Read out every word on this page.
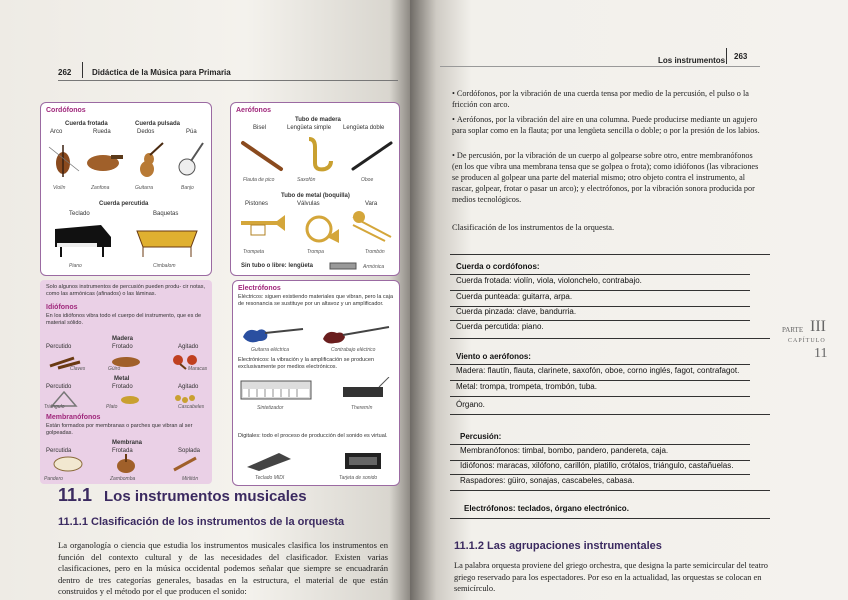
262	Didáctica de la Música para Primaria
Cordófonos
Cuerda frotada	Cuerda pulsada
Arco	Rueda	Dedos	Púa
Violín	Zanfona	Guitarra	Banjo
Cuerda percutida
Teclado	Baquetas
Piano	Cimbalom
Aerófonos
Tubo de madera
Bisel	Lengüeta simple Lengüeta doble
Flauta de pico	Saxofón	Oboe
Tubo de metal (boquilla)
Pistones	Válvulas	Vara
Trompeta	Trompa	Trombón
Sin tubo o libre: lengüeta	Armónica
Solo algunos instrumentos de percusión pueden produ- cir notas, como las armónicas (afinados) o las láminas.
Idiófonos
En los idiófonos vibra todo el cuerpo del instrumento, que es de material sólido.
Madera
Percutido	Frotado	Agitado
Claves	Güiro	Maracas
Metal
Percutido	Frotado	Agitado
Triángulo	Plato	Cascabeles
Membranófonos
Están formados por membranas o parches que vibran al ser golpeadas.
Membrana
Percutida	Frotada	Soplada
Pandero	Zambomba	Mirlitón
Electrófonos
Eléctricos: siguen existiendo materiales que vibran, pero la caja de resonancia se sustituye por un altavoz y un amplificador.
Guitarra eléctrica	Contrabajo eléctrico
Electrónicos: la vibración y la amplificación se producen exclusivamente por medios electrónicos.
Sintetizador	Theremín
Digitales: todo el proceso de producción del sonido es virtual.
Teclado MIDI	Tarjeta de sonido
11.1 Los instrumentos musicales
11.1.1 Clasificación de los instrumentos de la orquesta
La organología o ciencia que estudia los instrumentos musicales clasifica los instrumentos en función del contexto cultural y de las necesidades del clasificador. Existen varias clasificaciones, pero en la música occidental podemos señalar que siempre se encuadrarán dentro de tres categorías generales, basadas en la estructura, el material de que están construidos y el método por el que producen el sonido:
Los instrumentos 263
• Cordófonos, por la vibración de una cuerda tensa por medio de la percusión, el pulso o la fricción con arco.
• Aerófonos, por la vibración del aire en una columna. Puede producirse mediante un agujero para soplar como en la flauta; por una lengüeta sencilla o doble; o por la presión de los labios.
• De percusión, por la vibración de un cuerpo al golpearse sobre otro, entre membranófonos (en los que vibra una membrana tensa que se golpea o frota); como idiófonos (las vibraciones se producen al golpear una parte del material mismo; otro objeto contra el instrumento, al rascar, golpear, frotar o pasar un arco); y electrófonos, por la vibración sonora producida por medios tecnológicos.
Clasificación de los instrumentos de la orquesta.
Cuerda o cordófonos:
Cuerda frotada: violín, viola, violonchelo, contrabajo.
Cuerda punteada: guitarra, arpa.
Cuerda pinzada: clave, bandurria.
Cuerda percutida: piano.
Viento o aerófonos:
Madera: flautín, flauta, clarinete, saxofón, oboe, corno inglés, fagot, contrafagot.
Metal: trompa, trompeta, trombón, tuba.
Órgano.
Percusión:
Membranófonos: timbal, bombo, pandero, pandereta, caja.
Idiófonos: maracas, xilófono, carillón, platillo, crótalos, triángulo, castañuelas.
Raspadores: güiro, sonajas, cascabeles, cabasa.
Electrófonos: teclados, órgano electrónico.
PARTE III
CAPÍTULO
11
11.1.2 Las agrupaciones instrumentales
La palabra orquesta proviene del griego orchestra, que designa la parte semicircular del teatro griego reservado para los espectadores. Por eso en la actualidad, las orquestas se colocan en semicírculo.
